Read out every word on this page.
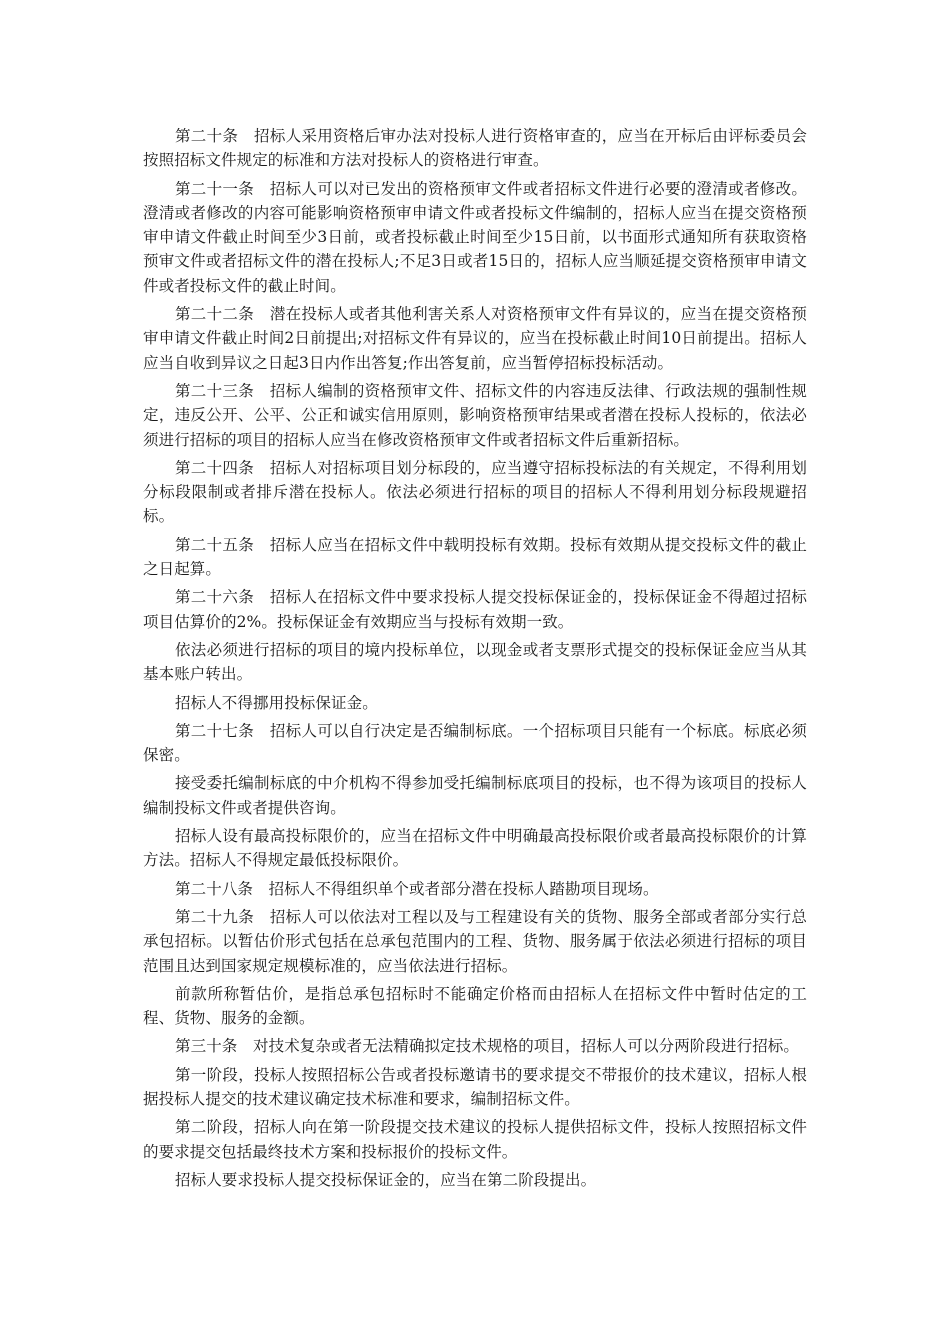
第二十条　招标人采用资格后审办法对投标人进行资格审查的，应当在开标后由评标委员会按照招标文件规定的标准和方法对投标人的资格进行审查。

第二十一条　招标人可以对已发出的资格预审文件或者招标文件进行必要的澄清或者修改。澄清或者修改的内容可能影响资格预审申请文件或者投标文件编制的，招标人应当在提交资格预审申请文件截止时间至少3日前，或者投标截止时间至少15日前，以书面形式通知所有获取资格预审文件或者招标文件的潜在投标人;不足3日或者15日的，招标人应当顺延提交资格预审申请文件或者投标文件的截止时间。

第二十二条　潜在投标人或者其他利害关系人对资格预审文件有异议的，应当在提交资格预审申请文件截止时间2日前提出;对招标文件有异议的，应当在投标截止时间10日前提出。招标人应当自收到异议之日起3日内作出答复;作出答复前，应当暂停招标投标活动。

第二十三条　招标人编制的资格预审文件、招标文件的内容违反法律、行政法规的强制性规定，违反公开、公平、公正和诚实信用原则，影响资格预审结果或者潜在投标人投标的，依法必须进行招标的项目的招标人应当在修改资格预审文件或者招标文件后重新招标。

第二十四条　招标人对招标项目划分标段的，应当遵守招标投标法的有关规定，不得利用划分标段限制或者排斥潜在投标人。依法必须进行招标的项目的招标人不得利用划分标段规避招标。

第二十五条　招标人应当在招标文件中载明投标有效期。投标有效期从提交投标文件的截止之日起算。

第二十六条　招标人在招标文件中要求投标人提交投标保证金的，投标保证金不得超过招标项目估算价的2%。投标保证金有效期应当与投标有效期一致。

依法必须进行招标的项目的境内投标单位，以现金或者支票形式提交的投标保证金应当从其基本账户转出。

招标人不得挪用投标保证金。

第二十七条　招标人可以自行决定是否编制标底。一个招标项目只能有一个标底。标底必须保密。

接受委托编制标底的中介机构不得参加受托编制标底项目的投标，也不得为该项目的投标人编制投标文件或者提供咨询。

招标人设有最高投标限价的，应当在招标文件中明确最高投标限价或者最高投标限价的计算方法。招标人不得规定最低投标限价。

第二十八条　招标人不得组织单个或者部分潜在投标人踏勘项目现场。

第二十九条　招标人可以依法对工程以及与工程建设有关的货物、服务全部或者部分实行总承包招标。以暂估价形式包括在总承包范围内的工程、货物、服务属于依法必须进行招标的项目范围且达到国家规定规模标准的，应当依法进行招标。

前款所称暂估价，是指总承包招标时不能确定价格而由招标人在招标文件中暂时估定的工程、货物、服务的金额。

第三十条　对技术复杂或者无法精确拟定技术规格的项目，招标人可以分两阶段进行招标。

第一阶段，投标人按照招标公告或者投标邀请书的要求提交不带报价的技术建议，招标人根据投标人提交的技术建议确定技术标准和要求，编制招标文件。

第二阶段，招标人向在第一阶段提交技术建议的投标人提供招标文件，投标人按照招标文件的要求提交包括最终技术方案和投标报价的投标文件。

招标人要求投标人提交投标保证金的，应当在第二阶段提出。
